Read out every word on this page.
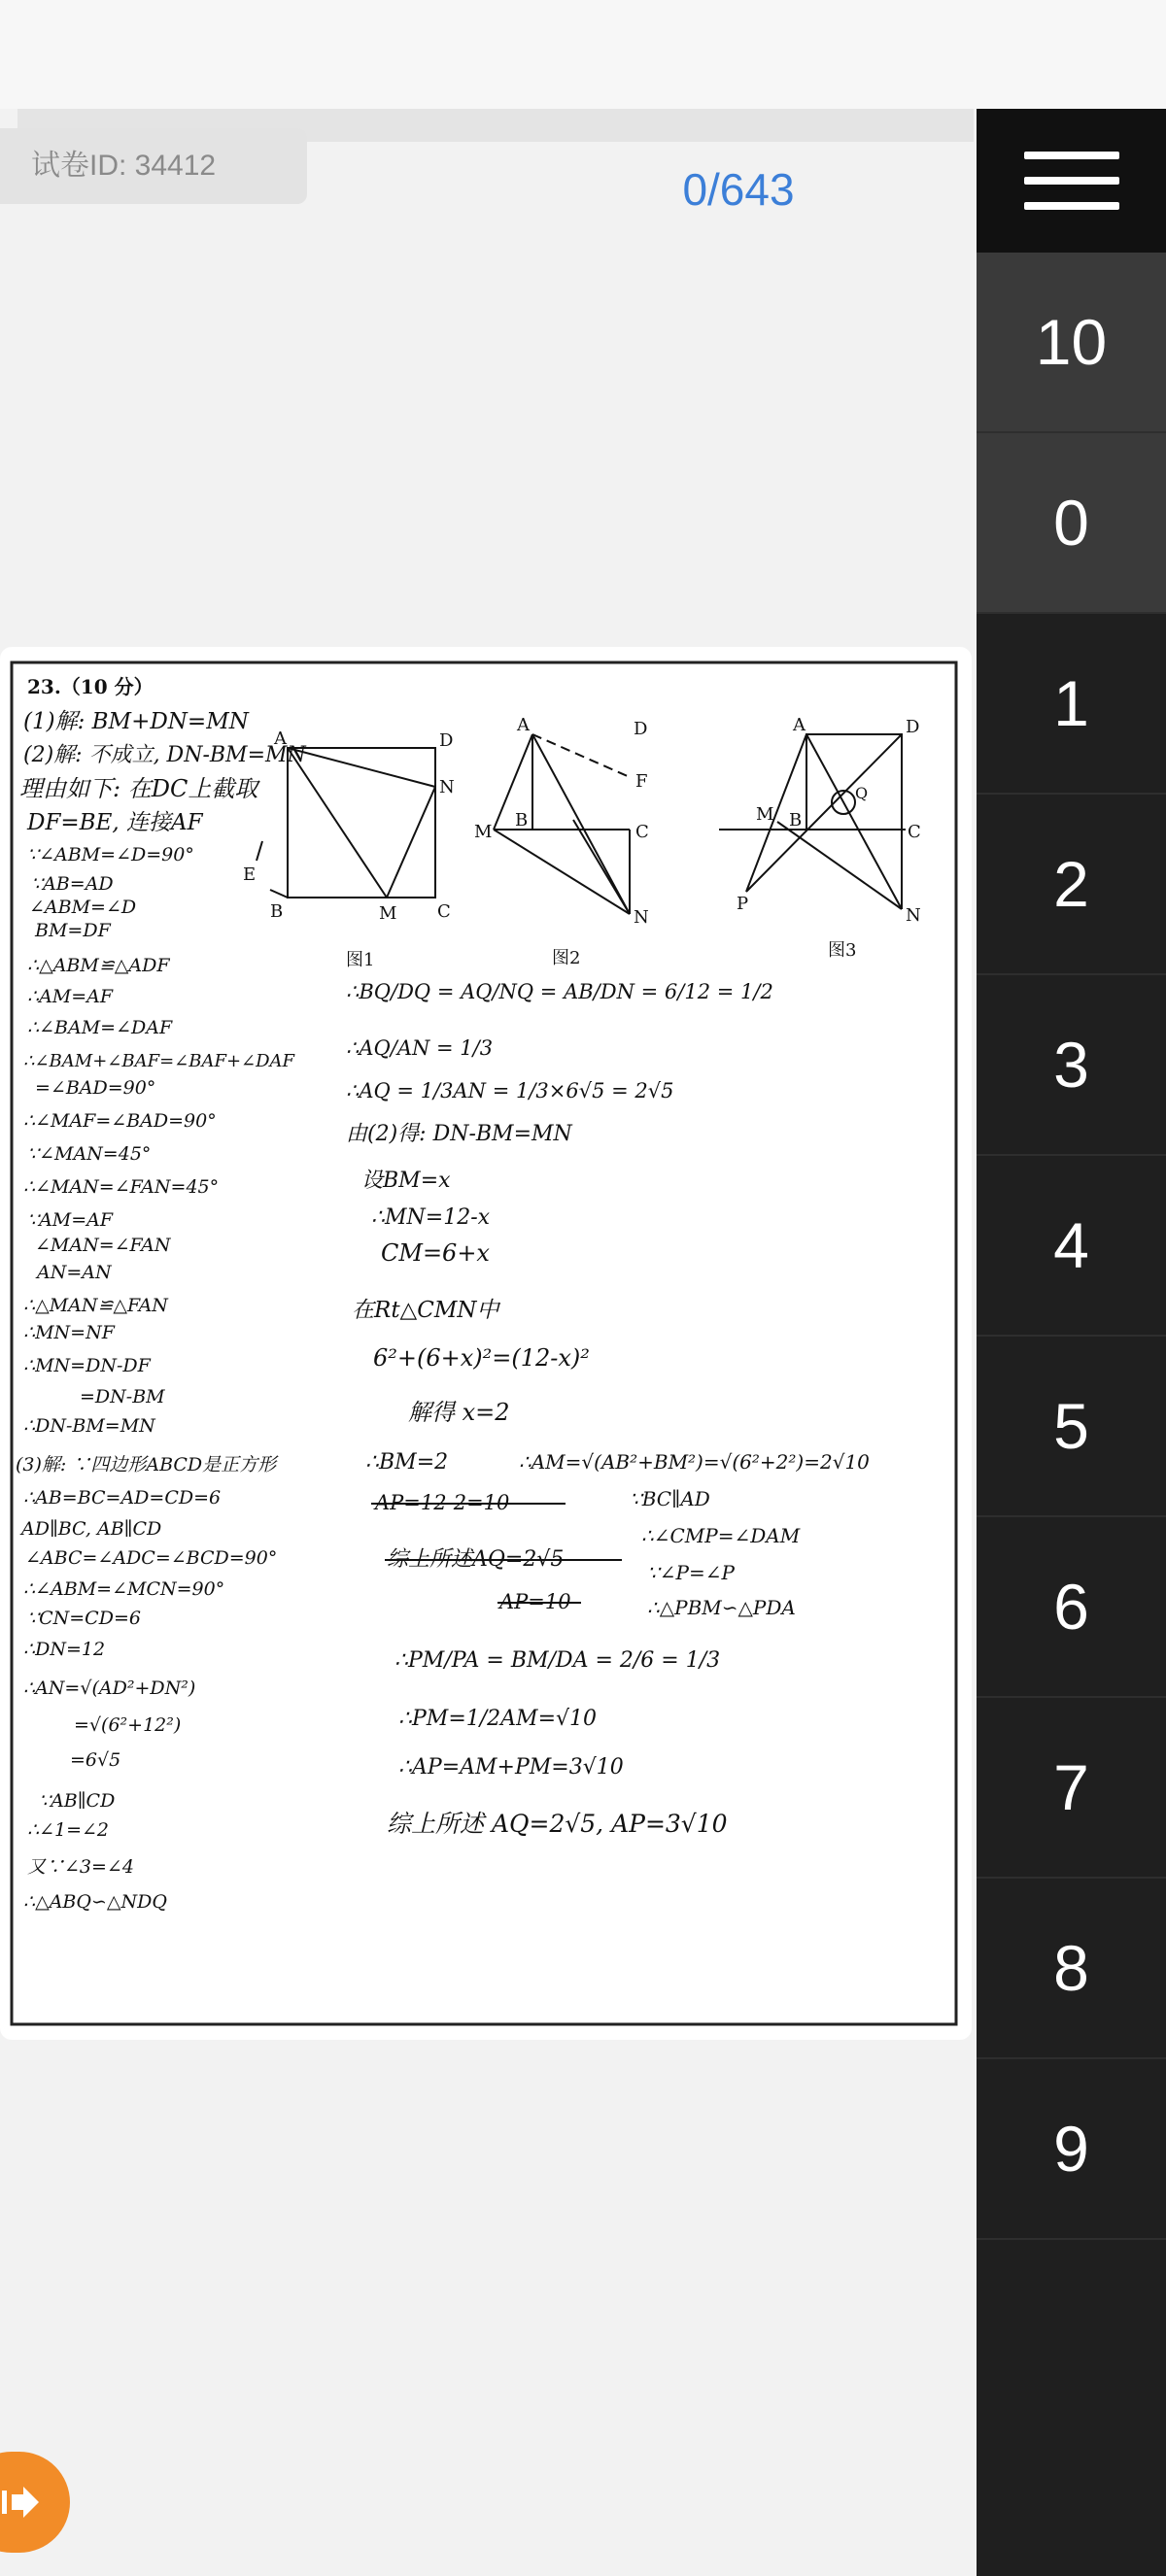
试卷ID: 34412	0/643
10
0
1
2
3
4
5
6
7
8
9
23.（10 分）
A	D
N
E
B	M C
图1
A	D
F
M
B
C
N
图2
A	D
M B
C
P
N
Q
图3
(1)解: BM+DN=MN
(2)解: 不成立, DN-BM=MN
理由如下: 在DC上截取
DF=BE, 连接AF
∵∠ABM=∠D=90°
∵AB=AD
∠ABM=∠D
BM=DF
∴△ABM≌△ADF
∴AM=AF
∴∠BAM=∠DAF
∴∠BAM+∠BAF=∠BAF+∠DAF
=∠BAD=90°
∴∠MAF=∠BAD=90°
∵∠MAN=45°
∴∠MAN=∠FAN=45°
∵AM=AF
∠MAN=∠FAN
AN=AN
∴△MAN≌△FAN
∴MN=NF
∴MN=DN-DF
=DN-BM
∴DN-BM=MN
(3)解: ∵四边形ABCD是正方形
∴AB=BC=AD=CD=6
AD∥BC, AB∥CD
∠ABC=∠ADC=∠BCD=90°
∴∠ABM=∠MCN=90°
∵CN=CD=6
∴DN=12
∴AN=√(AD²+DN²)
=√(6²+12²)
=6√5
∵AB∥CD
∴∠1=∠2
又∵∠3=∠4
∴△ABQ∽△NDQ
∴BQ/DQ = AQ/NQ = AB/DN = 6/12 = 1/2
∴AQ/AN = 1/3
∴AQ = 1/3AN = 1/3×6√5 = 2√5
由(2)得: DN-BM=MN
设BM=x
∴MN=12-x
CM=6+x
在Rt△CMN中
6²+(6+x)²=(12-x)²
解得 x=2
∴BM=2	∴AM=√(AB²+BM²)=√(6²+2²)=2√10
∵BC∥AD
∴∠CMP=∠DAM
∵∠P=∠P
∴△PBM∽△PDA
∴PM/PA = BM/DA = 2/6 = 1/3
∴PM=1/2AM=√10
∴AP=AM+PM=3√10
综上所述 AQ=2√5, AP=3√10
AP=12-2=10
综上所述AQ=2√5
AP=10
